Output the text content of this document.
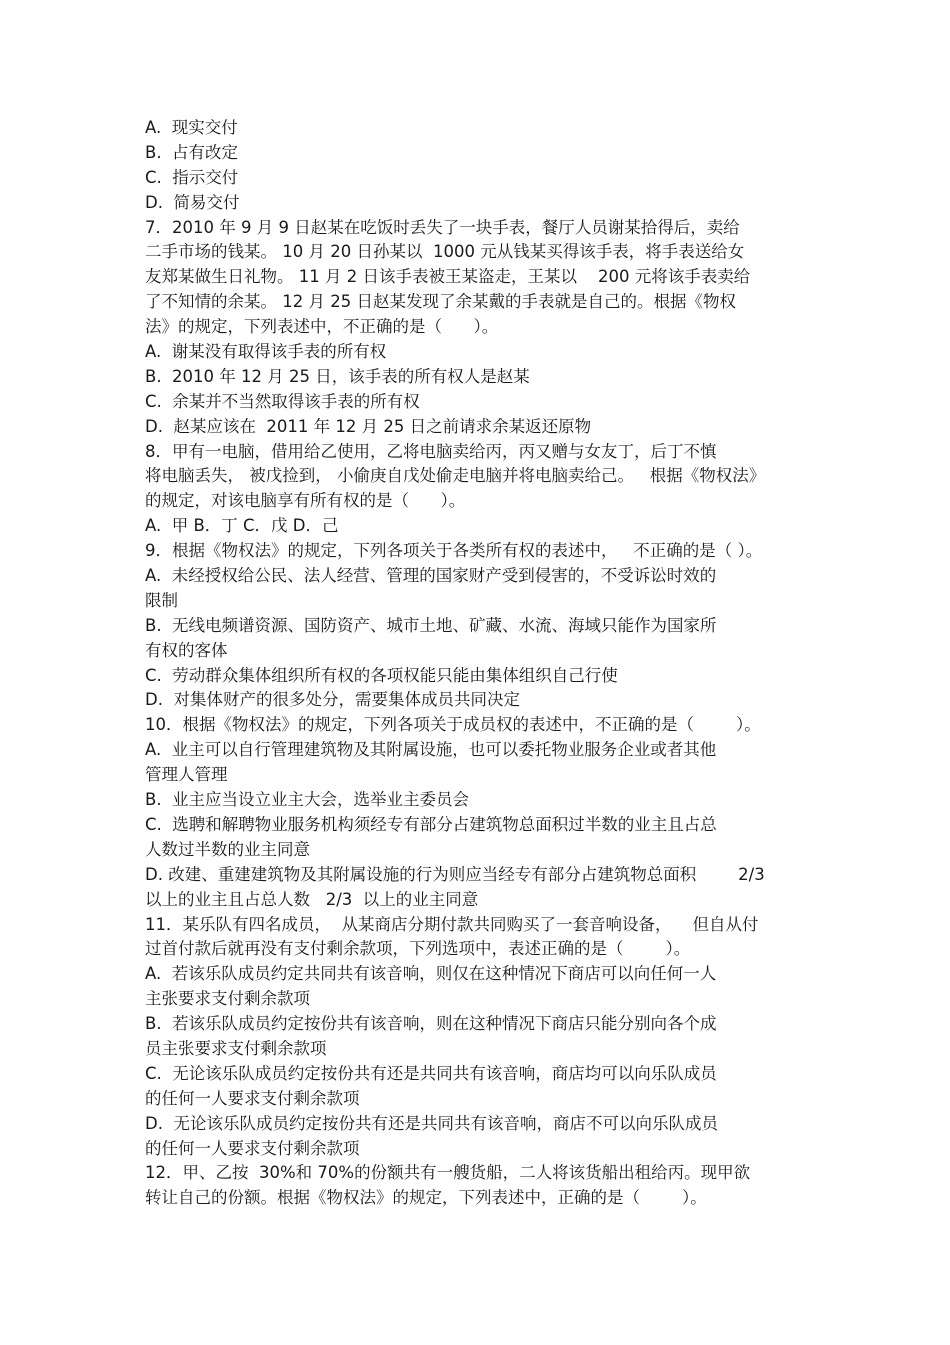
A.  现实交付
B.  占有改定
C.  指示交付
D.  简易交付
7．2010 年 9 月 9 日赵某在吃饭时丢失了一块手表，餐厅人员谢某拾得后，卖给
二手市场的钱某。 10 月 20 日孙某以  1000 元从钱某买得该手表，将手表送给女
友郑某做生日礼物。 11 月 2 日该手表被王某盗走，王某以    200 元将该手表卖给
了不知情的余某。 12 月 25 日赵某发现了余某戴的手表就是自己的。根据《物权
法》的规定，下列表述中，不正确的是（      ）。
A.  谢某没有取得该手表的所有权
B.  2010 年 12 月 25 日，该手表的所有权人是赵某
C.  余某并不当然取得该手表的所有权
D.  赵某应该在  2011 年 12 月 25 日之前请求余某返还原物
8．甲有一电脑，借用给乙使用，乙将电脑卖给丙，丙又赠与女友丁，后丁不慎
将电脑丢失， 被戊捡到， 小偷庚自戊处偷走电脑并将电脑卖给己。   根据《物权法》
的规定，对该电脑享有所有权的是（      ）。
A.  甲 B．丁 C．戊 D．己
9．根据《物权法》的规定，下列各项关于各类所有权的表述中，   不正确的是（ ）。
A.  未经授权给公民、法人经营、管理的国家财产受到侵害的，不受诉讼时效的
限制
B.  无线电频谱资源、国防资产、城市土地、矿藏、水流、海域只能作为国家所
有权的客体
C.  劳动群众集体组织所有权的各项权能只能由集体组织自己行使
D.  对集体财产的很多处分，需要集体成员共同决定
10．根据《物权法》的规定，下列各项关于成员权的表述中，不正确的是（        ）。
A.  业主可以自行管理建筑物及其附属设施，也可以委托物业服务企业或者其他
管理人管理
B.  业主应当设立业主大会，选举业主委员会
C.  选聘和解聘物业服务机构须经专有部分占建筑物总面积过半数的业主且占总
人数过半数的业主同意
D. 改建、重建建筑物及其附属设施的行为则应当经专有部分占建筑物总面积        2/3
以上的业主且占总人数   2/3  以上的业主同意
11．某乐队有四名成员，  从某商店分期付款共同购买了一套音响设备，    但自从付
过首付款后就再没有支付剩余款项，下列选项中，表述正确的是（        ）。
A.  若该乐队成员约定共同共有该音响，则仅在这种情况下商店可以向任何一人
主张要求支付剩余款项
B.  若该乐队成员约定按份共有该音响，则在这种情况下商店只能分别向各个成
员主张要求支付剩余款项
C.  无论该乐队成员约定按份共有还是共同共有该音响，商店均可以向乐队成员
的任何一人要求支付剩余款项
D.  无论该乐队成员约定按份共有还是共同共有该音响，商店不可以向乐队成员
的任何一人要求支付剩余款项
12．甲、乙按  30%和 70%的份额共有一艘货船，二人将该货船出租给丙。现甲欲
转让自己的份额。根据《物权法》的规定，下列表述中，正确的是（        ）。
